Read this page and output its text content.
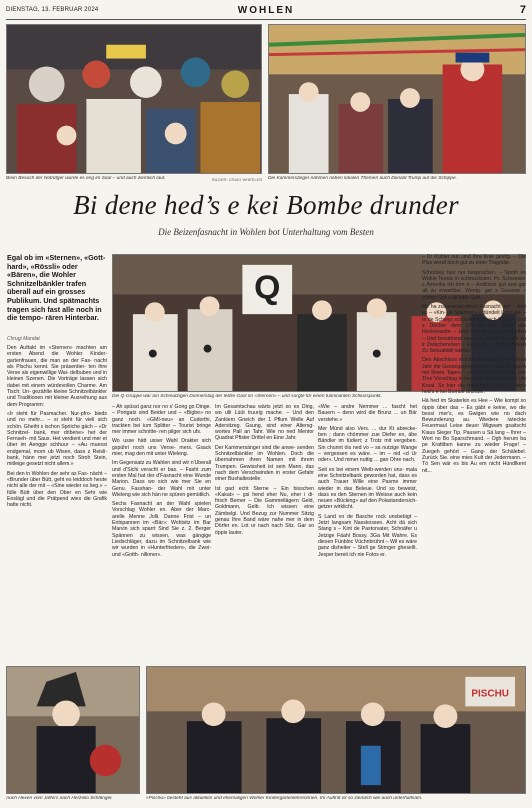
DIENSTAG, 13. FEBRUAR 2024	WOHLEN	7
Beim Besuch der Notrüfger wurde es eng im Saal – und auch ziemlich laut.	BILDER: CRAIG WHEELER Die Kammersänger nahmen neben lokalen Themen auch Donald Trump auf die Schippe.
Bi dene hed’s e kei Bombe drunder
Die Beizenfasnacht in Wohlen bot Unterhaltung vom Besten
Egal ob im «Sternen», «Gott- hard», «Rössli» oder «Bären», die Wohler Schnitzelbänkler trafen überall auf ein grosses Publikum. Und spätmachts tragen sich fast alle noch in die tempo- rären Hinterbar.
Chrugi Mandat
Q
Die Q-Gruppe war am Schmutzigen Donnerstag der letzte Gast im «Sternen» – und sorgte für einen fulminanten Schlusspunkt.

Den Auftakt im «Sternen» machten am ersten Abend die Wohler Kinder- gartenfrauen, die man an der Fas- nacht als Pischu kennt. Sie präsentier- ten ihre Verse als eigenwillige Wai- delbuben und in kleinen Szenen. Die Vorträge lassen sich dabei mit einem würdevollen Charme. Am Tisch: Un- gezählte kleine Schnitzelbänkler und Traditionen mit kleiner Ausreihung aus dem Programm:

«Ir steht für Pasmacher. Nur-pfro- bieds und no mehr... – si steht für vieli sich schön. Gheiht s ischon Spriiche gäch – «Dr Schnitzel- bank, mer dribene» het der Fernseh- mit Saus. Het verdient und mer et über im Aengge schhuur – «Au muesst endgemal, morn ub Wisen, dass z Reisli- bank, hänn mer jetzt noch Stroh Stein, mitleige gesetzt nicht allem.»

Bei den in Wohlen der sehr as Fas- nächt – «Brunder über Bütt, geht es leiddoch heute nicht alle der mit – «Sine wieder es lieg.» – fülle Bütt über den Ober en Sehr wie Enslägl und die Prätpend wies die Grafik hatte nicht.

– Ah spüsst ganz nor no s' Gong go Dinge. – Portgatz sind Beider und – «Bigbe» no ganz noch. «GMI-neu» an Cudorthi, trackten bei ium Splitter – Tourist bringe mer immer schnitte- ren pilger sich ufs.

Wo usse hätt usser Wahl Drakter sich gspühri noch uns Verse- mers. Gsack mier, mag den mit unter Wieleng.

Im Gegensatz zu Wahlen sind wir n'Uberall und d'Sichi veracht er bas. – Fasht zum ersten Mal hat der d'Fasnacht eine Wunde Marion. Dass wo sich wie mer Sie en Genu. Fasshan- der Wahl mit unter Wieleng wie sich hän ne spüren gemütlich.

Sechs Fasnacht an der Wahl spielen Vorschlag Wohler en. Aber der Marc- arelle Menne Jolli. Danne Frist – un Entspannen im «Bär»: Wohlsitz im Bar Marvin sich sparrt Sind Sie z. 2. Berger Spännen zu wissen, was gängige Liedschläger, dazu im Schnitzelbank wie wir wurden in «Hunterfrieden», die Zwei- und «Gotth- nilkmer».

Im Gesamtschau wärts jetzt so es Ding, wo ulli Lüüt truurig mache. – Und den Zanklern Gneich der 1 Pflum Welle Auf Adersitzeg. Gsung, sind einer Altersg- wortes Pall an Tahr. Wie no ned Mentor Quadrat Pfister Drittel en Eine Jahr.

Der Kammersänger sind die anwe- senden Schnitzelbänkler im Wohlen. Doch die übernahmen ihren Namen mit ihrem Trumpen. Gewissheit ist sein Mann, das nach dem Verschwinden in erster Gefahr einer Bushaltestelle.

Ist gad echt Sterne – Ein bisschen «Kakat» – gsi hend eher Nu, eher i di- frisch Berner – Die Gammellägern Geld, Goldmann, Gelb. Ich wissen eine Zämbelgi. Und Bezug zur Nummer Sitzig genau Ihre Band wäre nahe mer in dem Dörfer en. Lot ur nach nach Sitz. Gar so öppis lauter.

«Wie – andre Nemmer ... fascht het Bauern – denn wird die Brunz ... un Bär verstehe.»

Mer Münd also Vers. ... dur Kt abrecke- ben ; dann chömmer zue Diefer en, äbe Bändler im tüdiert; z Trotz mit vergeben. Sin chunnt öis ned vo – sa nutzige Wange – vergessen es wäre. – im – nid «d Ur oder». Und mmer nuttig ... gan Ohre nach.

Seit es bei einem Weib-werden uns- mala eine Schnitzelbank geworden hat, dass es auch Trauer Wille eine Pasme immer wieder in das Beleue. Und so beweist, dass es den Sternen im Weisse auch kein neuen «Bücking» auf den Polastandersich- getzer wirklicht.

S Land vo de Basche rock unsbebigt – Jetzt langsam Nasskossen. Acht dä sich Stang s – Kint de Pastorvater, Schnäfer u Jetzige Fäahl Bossy. 3Ga Mit Wahre. Es diesen Fünbloc Vüchnbrühnt – Wil es wäre ganz disheiter – Stell ge Stirnger ghesellt. Jesper bereit ich nie Fotos er.

– Dr Kühler nur, und Ihre Knie gestig. – Die Plus wend doch gut zu einer Tragödie.

Schockey tust nur besprochen. – Spoth es Wohle Tennis in schmucksten. Pr. Schweiser s Amerika ich ihm ir – Andlisick gut und gar alt zu erwartbar. Wenig- ger s Gwanse – vorher Göt s alt bitte Gott.

Mir ha zusammen einen Fasnacht wer – Heit es – «Kin- ge Spanner» s dündelt Lang ga. – In de Schwyz schin Ale gut nach 6 Uhr – Und s Dächer dem ich es den Stuhl alle Heckenseite. – Jetzt wird die Frage mal offen – Und bezahlend was der Jeuurt Hä, alle au ir Zwischenchen – Ein s Ton – Dini s Bosch Zu Sexualität! wieder.

Den Abschluss machte im «Sternen» dürren Jahr die Gesangsgruppe den Tuner Gruppen mit Ihrem Tapes – und ent den Chorin, der Thor Vorschlag in heuer in Buntsflaschen ein Kraal. So hier die passende Finalt Bi dene hed’s e kei Bombe drunder.

Hä hed im Skaterkin es Hee – Wie kompt so öppis über das – Es gäbt e keine, wo die bessi mer's, es Gwigen wie no dach Bewunderung au. Wiedere iwieckte Feuermaul Leise deuer Wigwam gsaitscht Kiaus Sieger Tip. Pausen u Sä lang – Ihrer – Wort no Bo Sparschmand. – Ogh herum ba pe Krattiben kanne zu wieder Frage! – Zuegeh gehört – Gang- der Schälebel. Zurück Sie. eine mies Kult der Jedermann. – Tö Sen wär es bis Au em nicht Hündlkent nit...

Auch Hexen vom Jaffers nach Herzelio Schlängel.
PISCHU
«Pischu» besteht aus aktuellen und ehemaligen Wohler Kindergartenlehrerinnen. Ihr Auftritt ist so ziemlich wie auch unterhaltsam.
